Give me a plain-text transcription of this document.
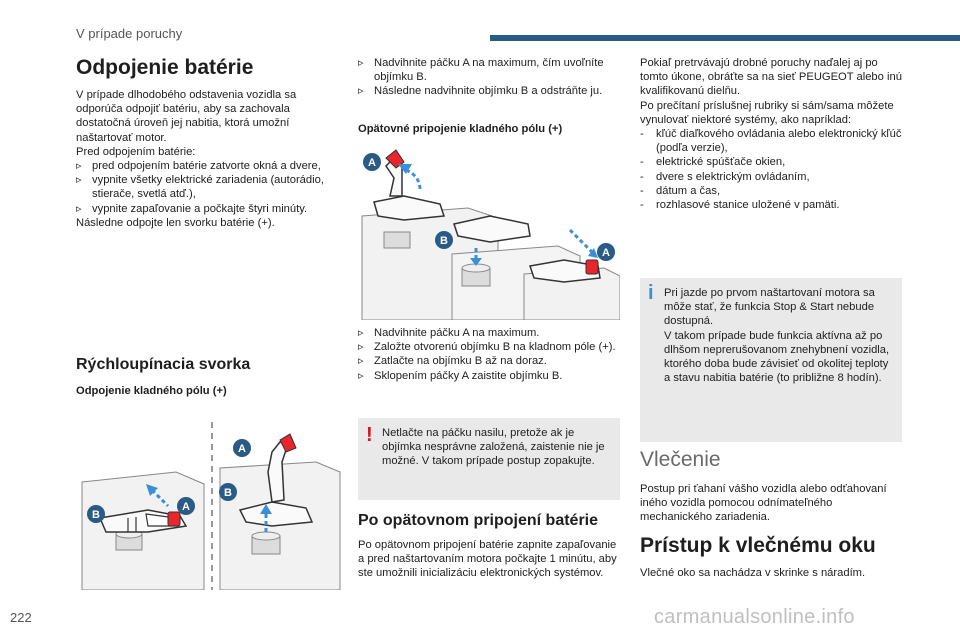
V prípade poruchy
Odpojenie batérie
V prípade dlhodobého odstavenia vozidla sa odporúča odpojiť batériu, aby sa zachovala dostatočná úroveň jej nabitia, ktorá umožní naštartovať motor.
Pred odpojením batérie:
▹ pred odpojením batérie zatvorte okná a dvere,
▹ vypnite všetky elektrické zariadenia (autorádio, stierače, svetlá atď.),
▹ vypnite zapaľovanie a počkajte štyri minúty.
Následne odpojte len svorku batérie (+).
Rýchloupínacia svorka
Odpojenie kladného pólu (+)
A
B
A
B
▹ Nadvihnite páčku A na maximum, čím uvoľníte objímku B.
▹ Následne nadvihnite objímku B a odstráňte ju.
Opätovné pripojenie kladného pólu (+)
A
B
A
▹ Nadvihnite páčku A na maximum.
▹ Založte otvorenú objímku B na kladnom póle (+).
▹ Zatlačte na objímku B až na doraz.
▹ Sklopením páčky A zaistite objímku B.
! Netlačte na páčku nasilu, pretože ak je objímka nesprávne založená, zaistenie nie je možné. V takom prípade postup zopakujte.
Po opätovnom pripojení batérie
Po opätovnom pripojení batérie zapnite zapaľovanie a pred naštartovaním motora počkajte 1 minútu, aby ste umožnili inicializáciu elektronických systémov.
Pokiaľ pretrvávajú drobné poruchy naďalej aj po tomto úkone, obráťte sa na sieť PEUGEOT alebo inú kvalifikovanú dielňu.
Po prečítaní príslušnej rubriky si sám/sama môžete vynulovať niektoré systémy, ako napríklad:
-	kľúč diaľkového ovládania alebo elektronický kľúč (podľa verzie),
-	elektrické spúšťače okien,
-	dvere s elektrickým ovládaním,
-	dátum a čas,
-	rozhlasové stanice uložené v pamäti.
i Pri jazde po prvom naštartovaní motora sa môže stať, že funkcia Stop & Start nebude dostupná.
V takom prípade bude funkcia aktívna až po dlhšom neprerušovanom znehybnení vozidla, ktorého doba bude závisieť od okolitej teploty a stavu nabitia batérie (to približne 8 hodín).
Vlečenie
Postup pri ťahaní vášho vozidla alebo odťahovaní iného vozidla pomocou odnímateľného mechanického zariadenia.
Prístup k vlečnému oku
Vlečné oko sa nachádza v skrinke s náradím.
222	carmanualsonline.info
